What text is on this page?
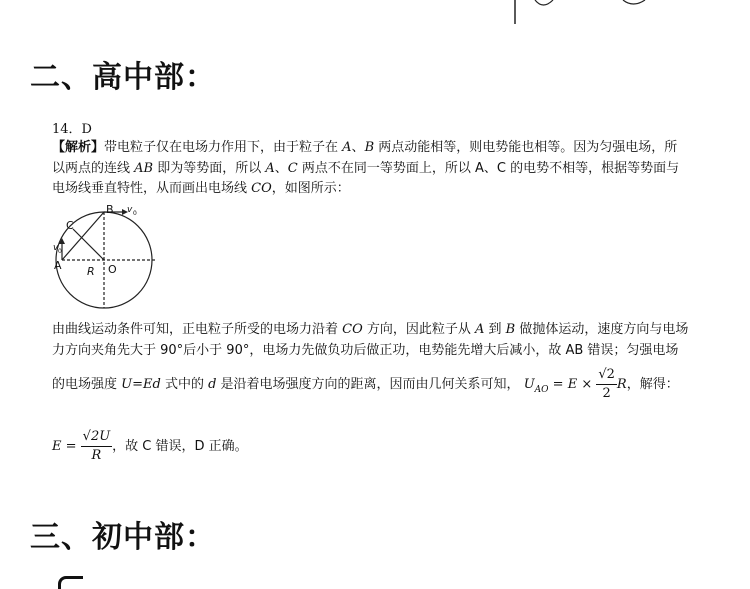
二、高中部：
14．D
【解析】带电粒子仅在电场力作用下，由于粒子在 A、B 两点动能相等，则电势能也相等。因为匀强电场，所
以两点的连线 AB 即为等势面，所以 A、C 两点不在同一等势面上，所以 A、C 的电势不相等，根据等势面与
电场线垂直特性，从而画出电场线 CO，如图所示：
B
C
A R O
v 0
v 0
由曲线运动条件可知，正电粒子所受的电场力沿着 CO 方向，因此粒子从 A 到 B 做抛体运动，速度方向与电场
力方向夹角先大于 90°后小于 90°，电场力先做负功后做正功，电势能先增大后减小，故 AB 错误；匀强电场
的电场强度 U=Ed 式中的 d 是沿着电场强度方向的距离，因而由几何关系可知， $U_{AO} = E \times \frac{√2}{2}$ R，解得：
$E = \frac{√2U}{R}$ ，故 C 错误，D 正确。
三、初中部：
